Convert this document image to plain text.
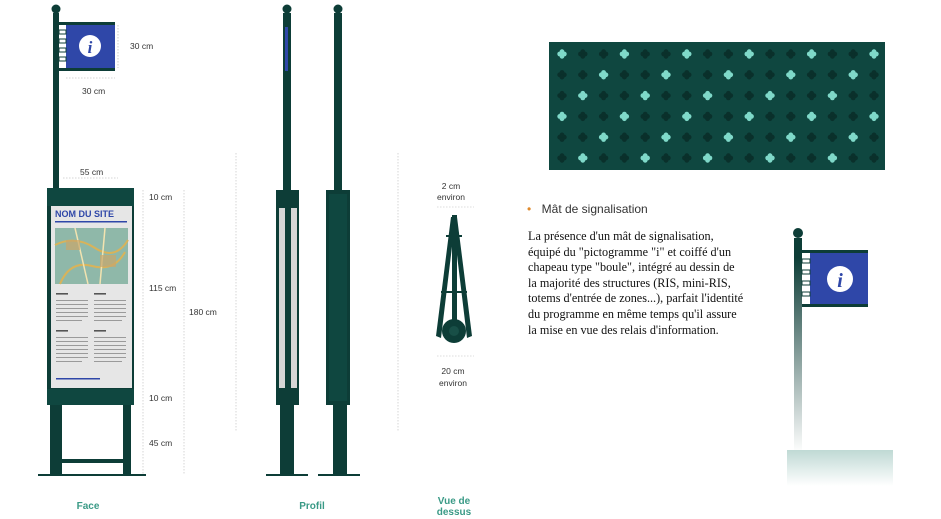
i
i
30 cm
30 cm
55 cm
10 cm
115 cm
180 cm
10 cm
45 cm
NOM DU SITE
2 cm
environ
20 cm
environ
Face	Profil	Vue de dessus
• Mât de signalisation
La présence d'un mât de signalisation,
équipé du "pictogramme "i" et coiffé d'un
chapeau type "boule", intégré au dessin de
la majorité des structures (RIS, mini-RIS,
totems d'entrée de zones...), parfait l'identité
du programme en même temps qu'il assure
la mise en vue des relais d'information.
